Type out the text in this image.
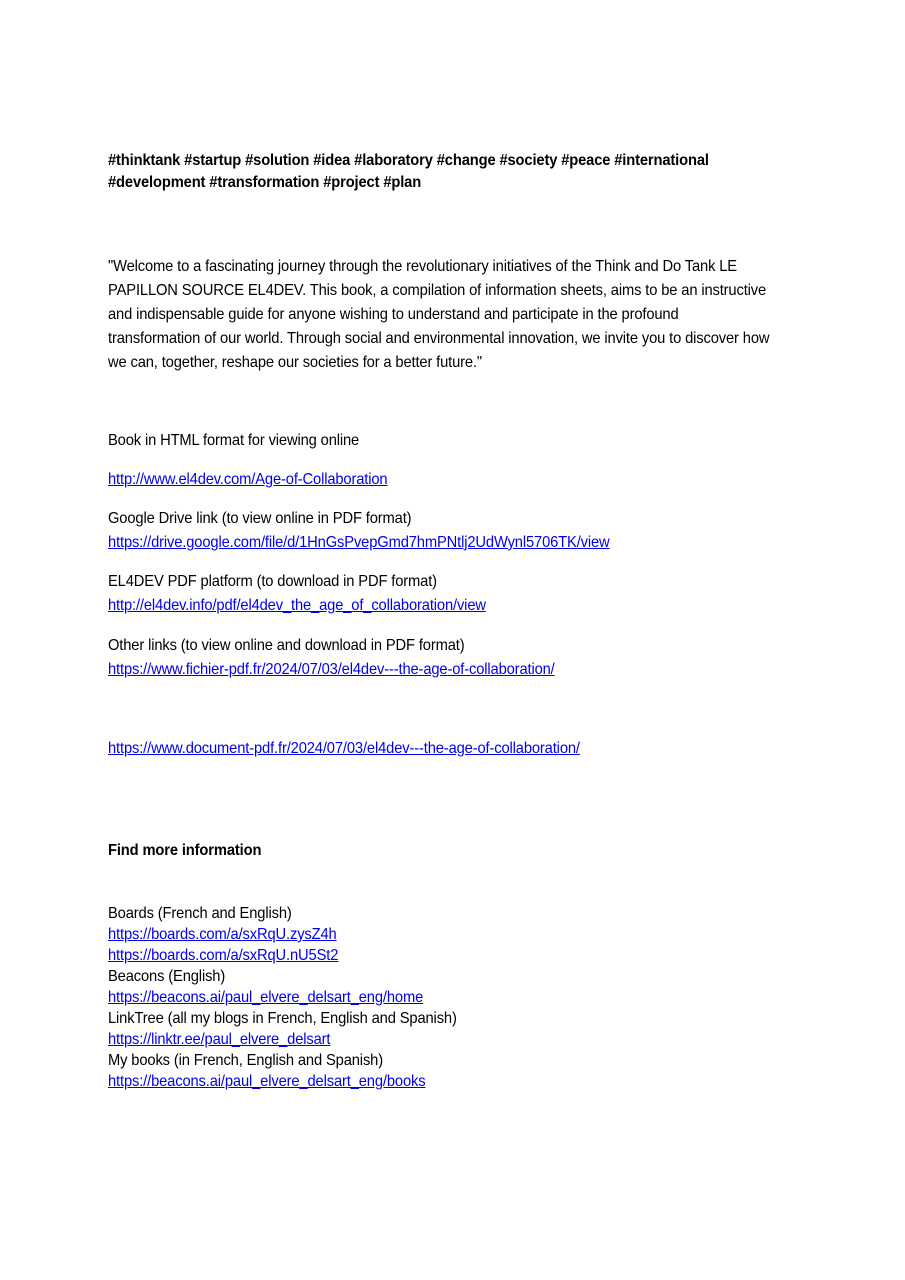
#thinktank #startup #solution #idea #laboratory #change #society #peace #international
#development #transformation #project #plan
"Welcome to a fascinating journey through the revolutionary initiatives of the Think and Do Tank LE
PAPILLON SOURCE EL4DEV. This book, a compilation of information sheets, aims to be an instructive
and indispensable guide for anyone wishing to understand and participate in the profound
transformation of our world. Through social and environmental innovation, we invite you to discover how
we can, together, reshape our societies for a better future."
Book in HTML format for viewing online
http://www.el4dev.com/Age-of-Collaboration
Google Drive link (to view online in PDF format)
https://drive.google.com/file/d/1HnGsPvepGmd7hmPNtlj2UdWynl5706TK/view
EL4DEV PDF platform (to download in PDF format)
http://el4dev.info/pdf/el4dev_the_age_of_collaboration/view
Other links (to view online and download in PDF format)
https://www.fichier-pdf.fr/2024/07/03/el4dev---the-age-of-collaboration/
https://www.document-pdf.fr/2024/07/03/el4dev---the-age-of-collaboration/
Find more information
Boards (French and English)
https://boards.com/a/sxRqU.zysZ4h
https://boards.com/a/sxRqU.nU5St2
Beacons (English)
https://beacons.ai/paul_elvere_delsart_eng/home
LinkTree (all my blogs in French, English and Spanish)
https://linktr.ee/paul_elvere_delsart
My books (in French, English and Spanish)
https://beacons.ai/paul_elvere_delsart_eng/books
